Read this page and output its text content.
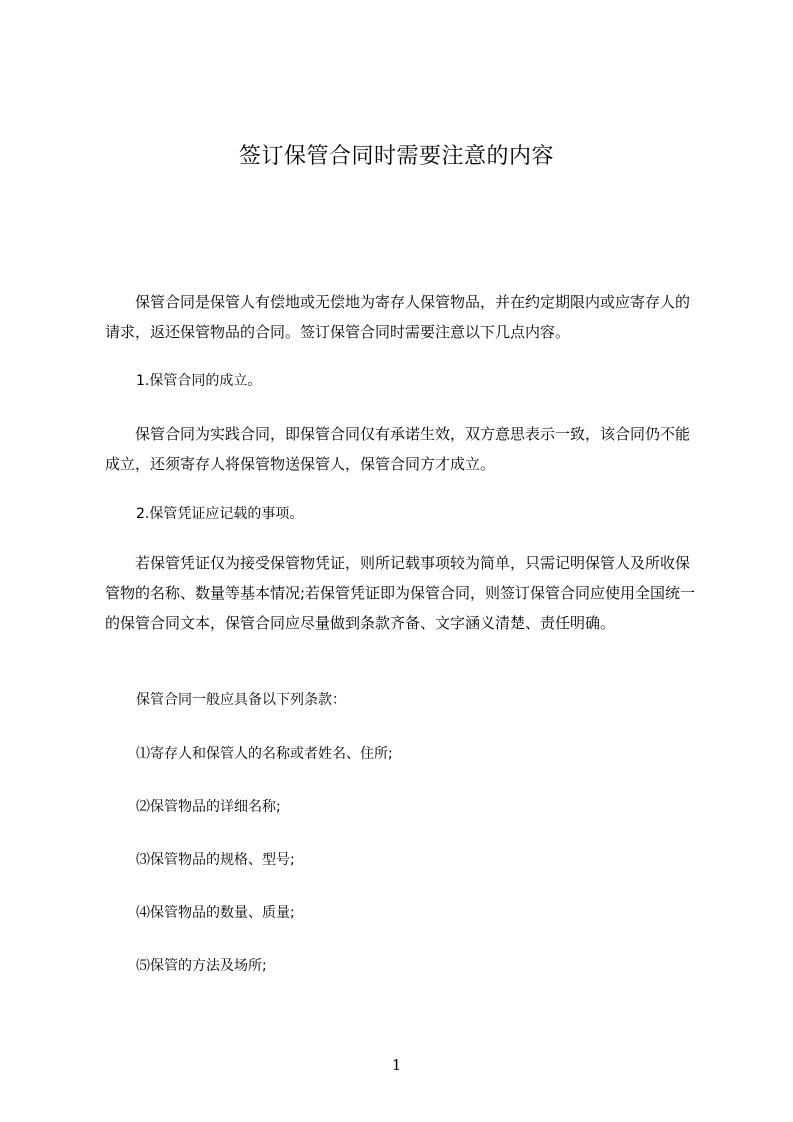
签订保管合同时需要注意的内容

保管合同是保管人有偿地或无偿地为寄存人保管物品，并在约定期限内或应寄存人的请求，返还保管物品的合同。签订保管合同时需要注意以下几点内容。

1.保管合同的成立。

保管合同为实践合同，即保管合同仅有承诺生效，双方意思表示一致，该合同仍不能成立，还须寄存人将保管物送保管人，保管合同方才成立。

2.保管凭证应记载的事项。

若保管凭证仅为接受保管物凭证，则所记载事项较为简单，只需记明保管人及所收保管物的名称、数量等基本情况;若保管凭证即为保管合同，则签订保管合同应使用全国统一的保管合同文本，保管合同应尽量做到条款齐备、文字涵义清楚、责任明确。

保管合同一般应具备以下列条款：

⑴寄存人和保管人的名称或者姓名、住所;

⑵保管物品的详细名称;

⑶保管物品的规格、型号;

⑷保管物品的数量、质量;

⑸保管的方法及场所;

1
